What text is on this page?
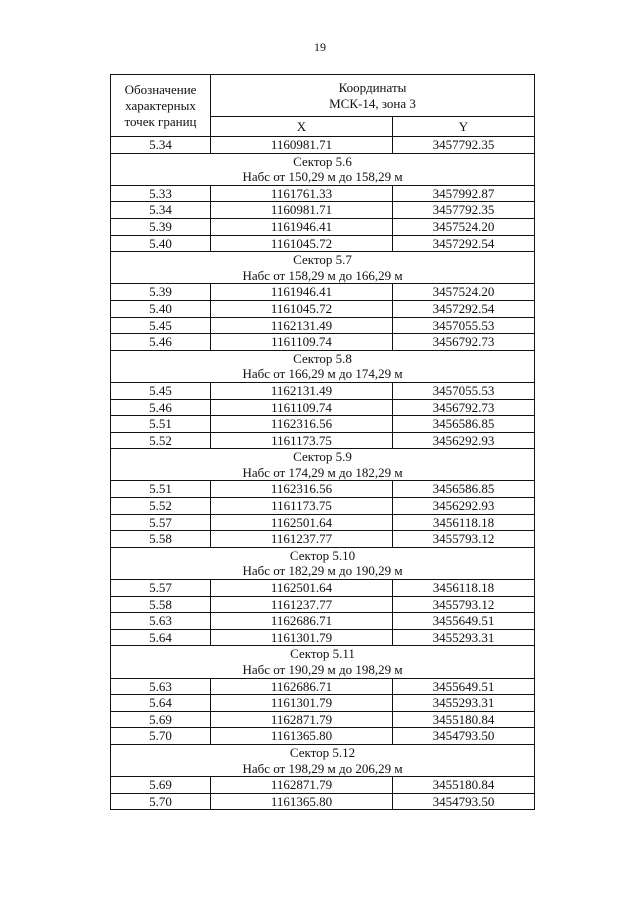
19
Обозначение
характерных
точек границ	Координаты
МСК-14, зона 3	
	X	Y
5.34	1160981.71	3457792.35
Сектор 5.6
Набс от 150,29 м до 158,29 м		
5.33	1161761.33	3457992.87
5.34	1160981.71	3457792.35
5.39	1161946.41	3457524.20
5.40	1161045.72	3457292.54
Сектор 5.7
Набс от 158,29 м до 166,29 м		
5.39	1161946.41	3457524.20
5.40	1161045.72	3457292.54
5.45	1162131.49	3457055.53
5.46	1161109.74	3456792.73
Сектор 5.8
Набс от 166,29 м до 174,29 м		
5.45	1162131.49	3457055.53
5.46	1161109.74	3456792.73
5.51	1162316.56	3456586.85
5.52	1161173.75	3456292.93
Сектор 5.9
Набс от 174,29 м до 182,29 м		
5.51	1162316.56	3456586.85
5.52	1161173.75	3456292.93
5.57	1162501.64	3456118.18
5.58	1161237.77	3455793.12
Сектор 5.10
Набс от 182,29 м до 190,29 м		
5.57	1162501.64	3456118.18
5.58	1161237.77	3455793.12
5.63	1162686.71	3455649.51
5.64	1161301.79	3455293.31
Сектор 5.11
Набс от 190,29 м до 198,29 м		
5.63	1162686.71	3455649.51
5.64	1161301.79	3455293.31
5.69	1162871.79	3455180.84
5.70	1161365.80	3454793.50
Сектор 5.12
Набс от 198,29 м до 206,29 м		
5.69	1162871.79	3455180.84
5.70	1161365.80	3454793.50
